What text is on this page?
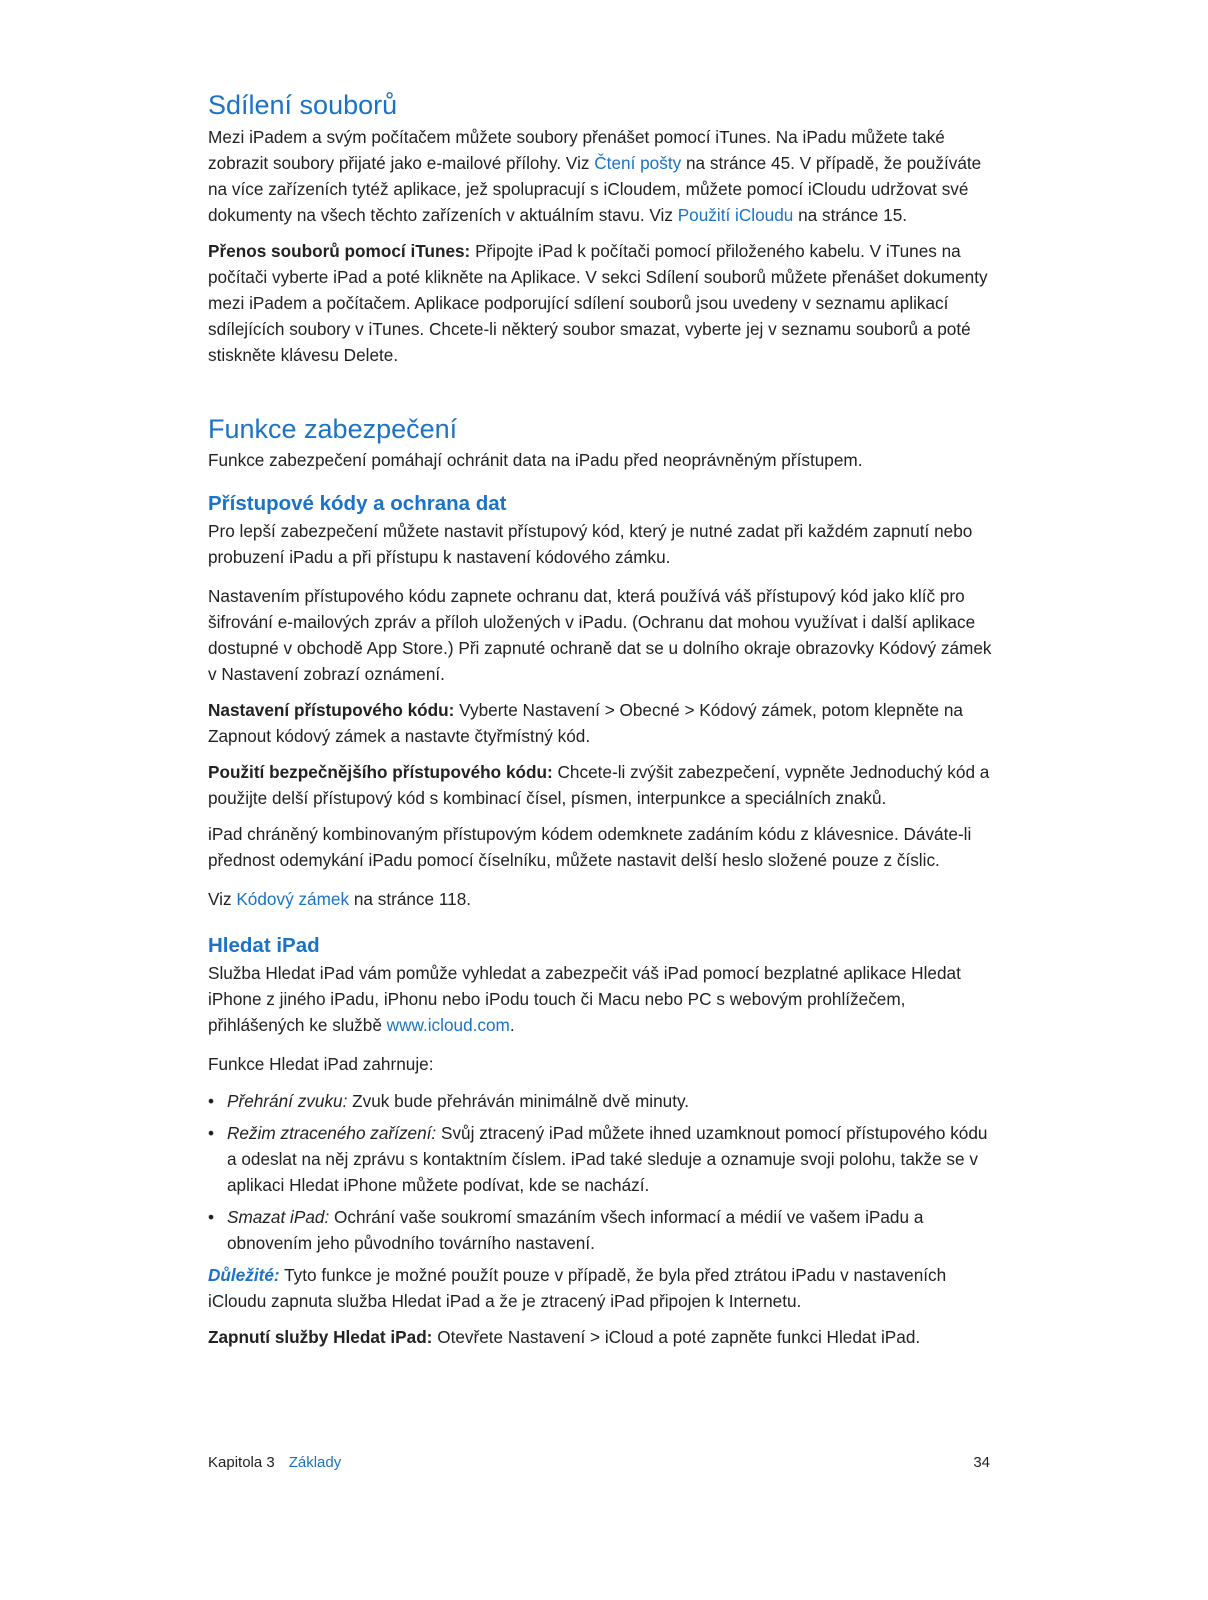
Sdílení souborů

Mezi iPadem a svým počítačem můžete soubory přenášet pomocí iTunes. Na iPadu můžete také zobrazit soubory přijaté jako e-mailové přílohy. Viz Čtení pošty na stránce 45. V případě, že používáte na více zařízeních tytéž aplikace, jež spolupracují s iCloudem, můžete pomocí iCloudu udržovat své dokumenty na všech těchto zařízeních v aktuálním stavu. Viz Použití iCloudu na stránce 15.

Přenos souborů pomocí iTunes: Připojte iPad k počítači pomocí přiloženého kabelu. V iTunes na počítači vyberte iPad a poté klikněte na Aplikace. V sekci Sdílení souborů můžete přenášet dokumenty mezi iPadem a počítačem. Aplikace podporující sdílení souborů jsou uvedeny v seznamu aplikací sdílejících soubory v iTunes. Chcete-li některý soubor smazat, vyberte jej v seznamu souborů a poté stiskněte klávesu Delete.

Funkce zabezpečení

Funkce zabezpečení pomáhají ochránit data na iPadu před neoprávněným přístupem.

Přístupové kódy a ochrana dat

Pro lepší zabezpečení můžete nastavit přístupový kód, který je nutné zadat při každém zapnutí nebo probuzení iPadu a při přístupu k nastavení kódového zámku.

Nastavením přístupového kódu zapnete ochranu dat, která používá váš přístupový kód jako klíč pro šifrování e-mailových zpráv a příloh uložených v iPadu. (Ochranu dat mohou využívat i další aplikace dostupné v obchodě App Store.) Při zapnuté ochraně dat se u dolního okraje obrazovky Kódový zámek v Nastavení zobrazí oznámení.

Nastavení přístupového kódu: Vyberte Nastavení > Obecné > Kódový zámek, potom klepněte na Zapnout kódový zámek a nastavte čtyřmístný kód.

Použití bezpečnějšího přístupového kódu: Chcete-li zvýšit zabezpečení, vypněte Jednoduchý kód a použijte delší přístupový kód s kombinací čísel, písmen, interpunkce a speciálních znaků.

iPad chráněný kombinovaným přístupovým kódem odemknete zadáním kódu z klávesnice. Dáváte-li přednost odemykání iPadu pomocí číselníku, můžete nastavit delší heslo složené pouze z číslic.

Viz Kódový zámek na stránce 118.

Hledat iPad

Služba Hledat iPad vám pomůže vyhledat a zabezpečit váš iPad pomocí bezplatné aplikace Hledat iPhone z jiného iPadu, iPhonu nebo iPodu touch či Macu nebo PC s webovým prohlížečem, přihlášených ke službě www.icloud.com.

Funkce Hledat iPad zahrnuje:

• Přehrání zvuku: Zvuk bude přehráván minimálně dvě minuty.
• Režim ztraceného zařízení: Svůj ztracený iPad můžete ihned uzamknout pomocí přístupového kódu a odeslat na něj zprávu s kontaktním číslem. iPad také sleduje a oznamuje svoji polohu, takže se v aplikaci Hledat iPhone můžete podívat, kde se nachází.
• Smazat iPad: Ochrání vaše soukromí smazáním všech informací a médií ve vašem iPadu a obnovením jeho původního továrního nastavení.

Důležité: Tyto funkce je možné použít pouze v případě, že byla před ztrátou iPadu v nastaveních iCloudu zapnuta služba Hledat iPad a že je ztracený iPad připojen k Internetu.

Zapnutí služby Hledat iPad: Otevřete Nastavení > iCloud a poté zapněte funkci Hledat iPad.

Kapitola 3 Základy	34
